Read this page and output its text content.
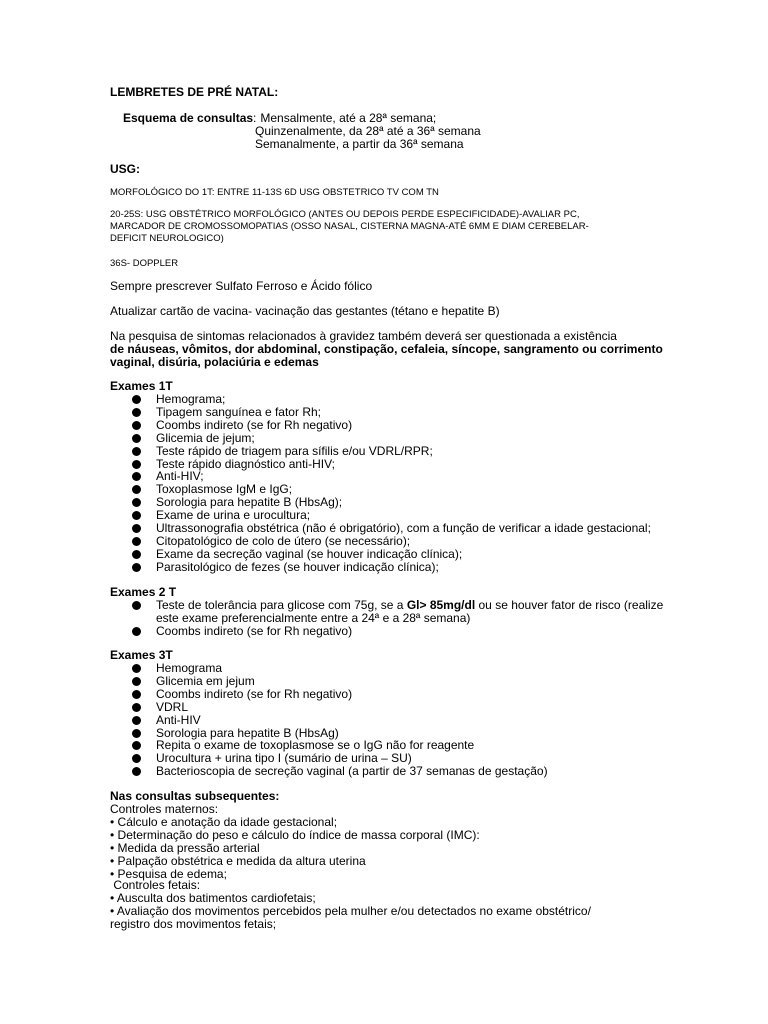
LEMBRETES DE PRÉ NATAL:
Esquema de consultas: Mensalmente, até a 28ª semana;
Quinzenalmente, da 28ª até a 36ª semana
Semanalmente, a partir da 36ª semana
USG:
MORFOLÓGICO DO 1T: ENTRE 11-13S 6D USG OBSTETRICO TV COM TN
20-25S: USG OBSTÉTRICO MORFOLÓGICO (ANTES OU DEPOIS PERDE ESPECIFICIDADE)-AVALIAR PC,
MARCADOR DE CROMOSSOMOPATIAS (OSSO NASAL, CISTERNA MAGNA-ATÉ 6MM E DIAM CEREBELAR-
DEFICIT NEUROLOGICO)
36S- DOPPLER
Sempre prescrever Sulfato Ferroso e Ácido fólico
Atualizar cartão de vacina- vacinação das gestantes (tétano e hepatite B)
Na pesquisa de sintomas relacionados à gravidez também deverá ser questionada a existência
de náuseas, vômitos, dor abdominal, constipação, cefaleia, síncope, sangramento ou corrimento
vaginal, disúria, polaciúria e edemas
Exames 1T
Hemograma;
Tipagem sanguínea e fator Rh;
Coombs indireto (se for Rh negativo)
Glicemia de jejum;
Teste rápido de triagem para sífilis e/ou VDRL/RPR;
Teste rápido diagnóstico anti-HIV;
Anti-HIV;
Toxoplasmose IgM e IgG;
Sorologia para hepatite B (HbsAg);
Exame de urina e urocultura;
Ultrassonografia obstétrica (não é obrigatório), com a função de verificar a idade gestacional;
Citopatológico de colo de útero (se necessário);
Exame da secreção vaginal (se houver indicação clínica);
Parasitológico de fezes (se houver indicação clínica);
Exames 2 T
Teste de tolerância para glicose com 75g, se a Gl> 85mg/dl ou se houver fator de risco (realize
este exame preferencialmente entre a 24ª e a 28ª semana)
Coombs indireto (se for Rh negativo)
Exames 3T
Hemograma
Glicemia em jejum
Coombs indireto (se for Rh negativo)
VDRL
Anti-HIV
Sorologia para hepatite B (HbsAg)
Repita o exame de toxoplasmose se o IgG não for reagente
Urocultura + urina tipo I (sumário de urina – SU)
Bacterioscopia de secreção vaginal (a partir de 37 semanas de gestação)
Nas consultas subsequentes:
Controles maternos:
• Cálculo e anotação da idade gestacional;
• Determinação do peso e cálculo do índice de massa corporal (IMC):
• Medida da pressão arterial
• Palpação obstétrica e medida da altura uterina
• Pesquisa de edema;
Controles fetais:
• Ausculta dos batimentos cardiofetais;
• Avaliação dos movimentos percebidos pela mulher e/ou detectados no exame obstétrico/
registro dos movimentos fetais;
